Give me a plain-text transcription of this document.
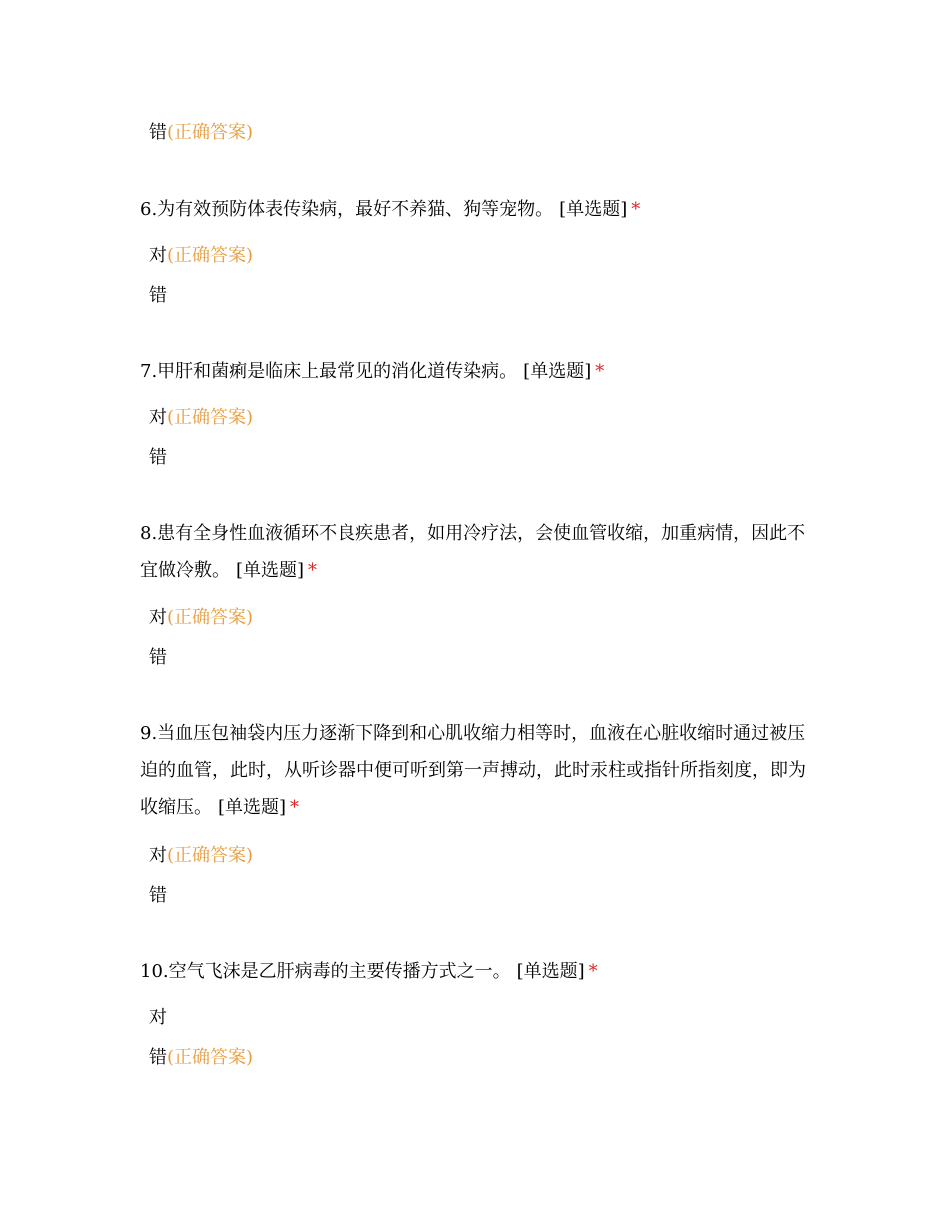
错(正确答案)

6.为有效预防体表传染病，最好不养猫、狗等宠物。 [单选题] *

对(正确答案)
错

7.甲肝和菌痢是临床上最常见的消化道传染病。 [单选题] *

对(正确答案)
错

8.患有全身性血液循环不良疾患者，如用冷疗法，会使血管收缩，加重病情，因此不宜做冷敷。 [单选题] *

对(正确答案)
错

9.当血压包袖袋内压力逐渐下降到和心肌收缩力相等时，血液在心脏收缩时通过被压迫的血管，此时，从听诊器中便可听到第一声搏动，此时汞柱或指针所指刻度，即为收缩压。 [单选题] *

对(正确答案)
错

10.空气飞沫是乙肝病毒的主要传播方式之一。 [单选题] *

对
错(正确答案)
